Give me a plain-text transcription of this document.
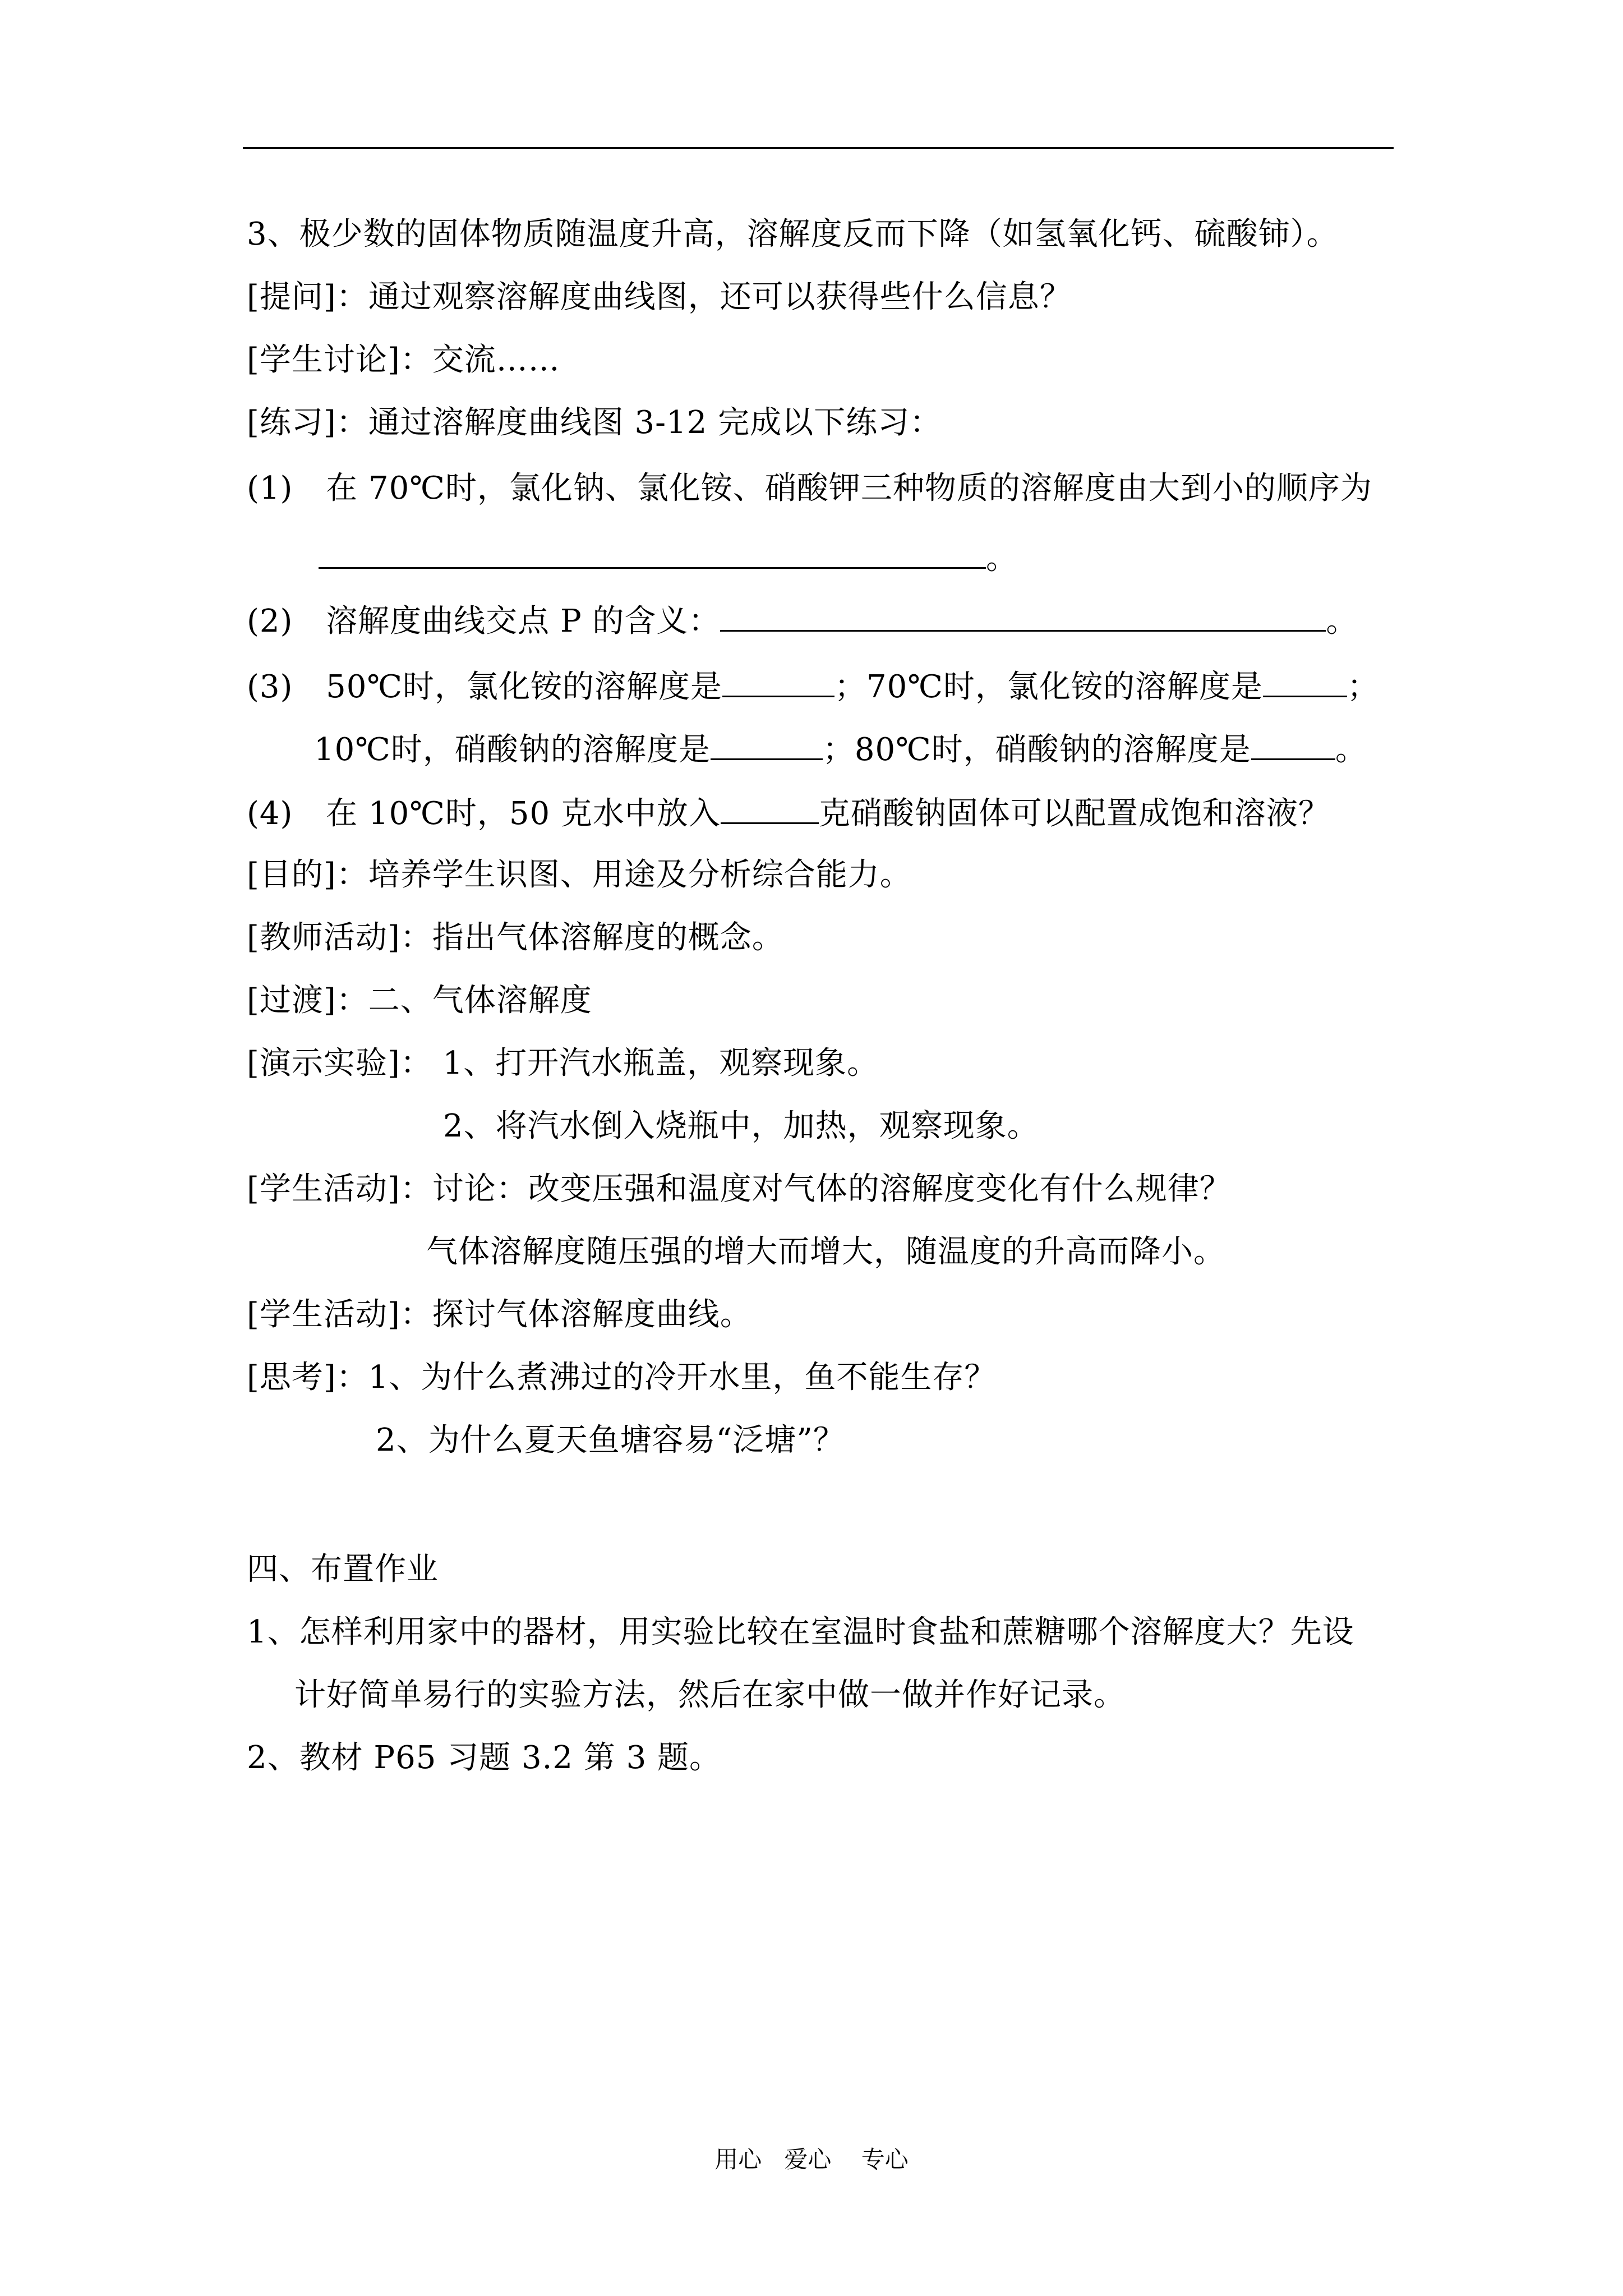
3、极少数的固体物质随温度升高，溶解度反而下降（如氢氧化钙、硫酸铈）。
[提问]：通过观察溶解度曲线图，还可以获得些什么信息？
[学生讨论]：交流……
[练习]：通过溶解度曲线图 3-12 完成以下练习：
(1) 在 70℃时，氯化钠、氯化铵、硝酸钾三种物质的溶解度由大到小的顺序为
。
(2) 溶解度曲线交点 P 的含义：	。
(3) 50℃时，氯化铵的溶解度是	；70℃时，氯化铵的溶解度是	；
10℃时，硝酸钠的溶解度是	；80℃时，硝酸钠的溶解度是	。
(4) 在 10℃时，50 克水中放入	克硝酸钠固体可以配置成饱和溶液？
[目的]：培养学生识图、用途及分析综合能力。
[教师活动]：指出气体溶解度的概念。
[过渡]：二、气体溶解度
[演示实验]： 1、打开汽水瓶盖，观察现象。
2、将汽水倒入烧瓶中，加热，观察现象。
[学生活动]：讨论：改变压强和温度对气体的溶解度变化有什么规律？
气体溶解度随压强的增大而增大，随温度的升高而降小。
[学生活动]：探讨气体溶解度曲线。
[思考]：1、为什么煮沸过的冷开水里，鱼不能生存？
2、为什么夏天鱼塘容易“泛塘”？
四、布置作业
1、怎样利用家中的器材，用实验比较在室温时食盐和蔗糖哪个溶解度大？先设
计好简单易行的实验方法，然后在家中做一做并作好记录。
2、教材 P65 习题 3.2 第 3 题。
用心   爱心    专心
